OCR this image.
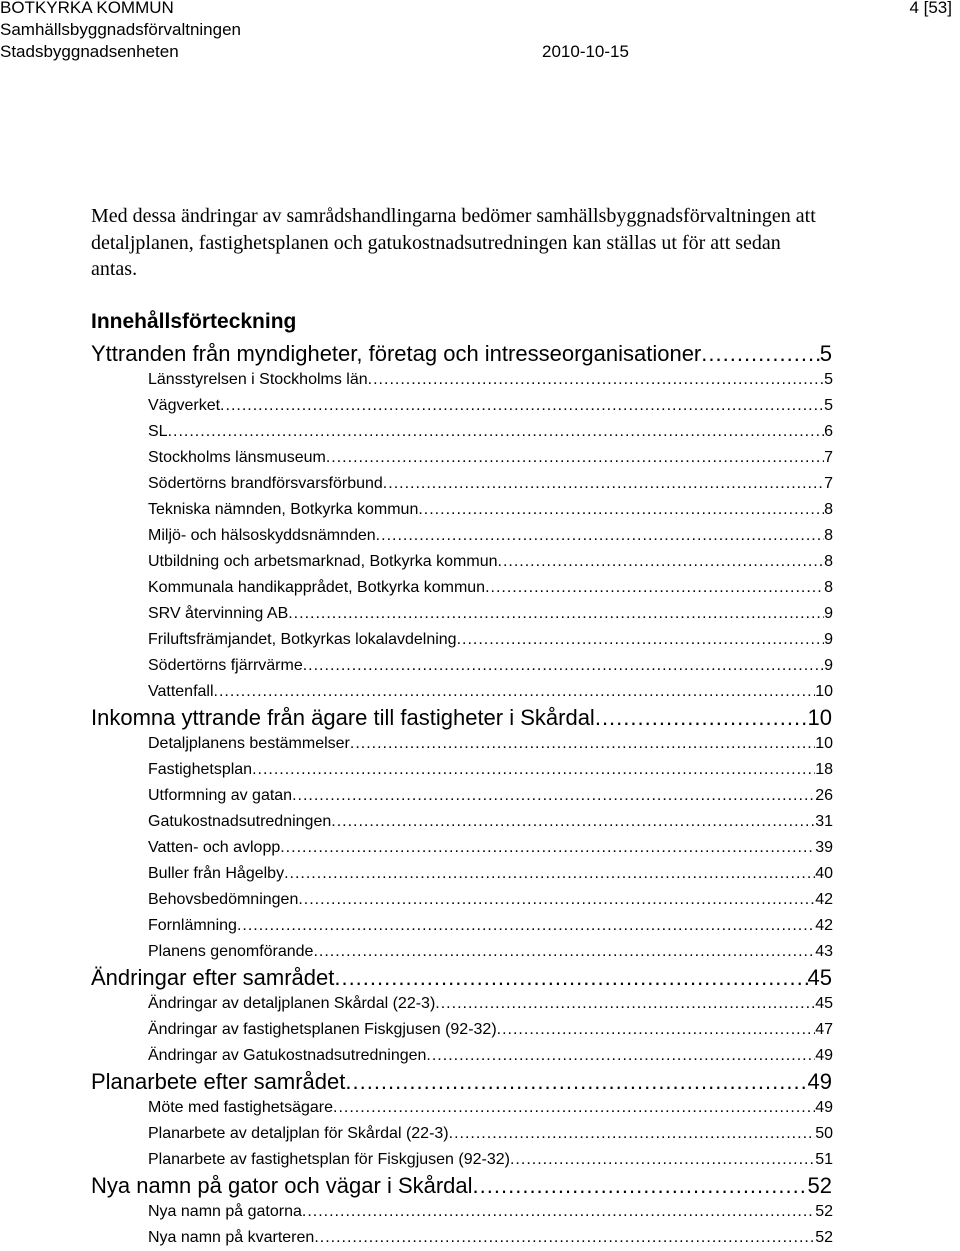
BOTKYRKA KOMMUN
Samhällsbyggnadsförvaltningen
Stadsbyggnadsenheten
4 [53]
2010-10-15

Med dessa ändringar av samrådshandlingarna bedömer samhällsbyggnadsförvaltningen att detaljplanen, fastighetsplanen och gatukostnadsutredningen kan ställas ut för att sedan antas.

Innehållsförteckning
Yttranden från myndigheter, företag och intresseorganisationer .....	5
Länsstyrelsen i Stockholms län .....	5
Vägverket .....	5
SL .....	6
Stockholms länsmuseum .....	7
Södertörns brandförsvarsförbund .....	7
Tekniska nämnden, Botkyrka kommun .....	8
Miljö- och hälsoskyddsnämnden .....	8
Utbildning och arbetsmarknad, Botkyrka kommun .....	8
Kommunala handikapprådet, Botkyrka kommun .....	8
SRV återvinning AB .....	9
Friluftsfrämjandet, Botkyrkas lokalavdelning .....	9
Södertörns fjärrvärme .....	9
Vattenfall .....	10
Inkomna yttrande från ägare till fastigheter i Skårdal .....	10
Detaljplanens bestämmelser .....	10
Fastighetsplan .....	18
Utformning av gatan .....	26
Gatukostnadsutredningen .....	31
Vatten- och avlopp .....	39
Buller från Hågelby .....	40
Behovsbedömningen .....	42
Fornlämning .....	42
Planens genomförande .....	43
Ändringar efter samrådet .....	45
Ändringar av detaljplanen Skårdal (22-3) .....	45
Ändringar av fastighetsplanen Fiskgjusen (92-32) .....	47
Ändringar av Gatukostnadsutredningen .....	49
Planarbete efter samrådet .....	49
Möte med fastighetsägare .....	49
Planarbete av detaljplan för Skårdal (22-3) .....	50
Planarbete av fastighetsplan för Fiskgjusen (92-32) .....	51
Nya namn på gator och vägar i Skårdal .....	52
Nya namn på gatorna .....	52
Nya namn på kvarteren .....	52
